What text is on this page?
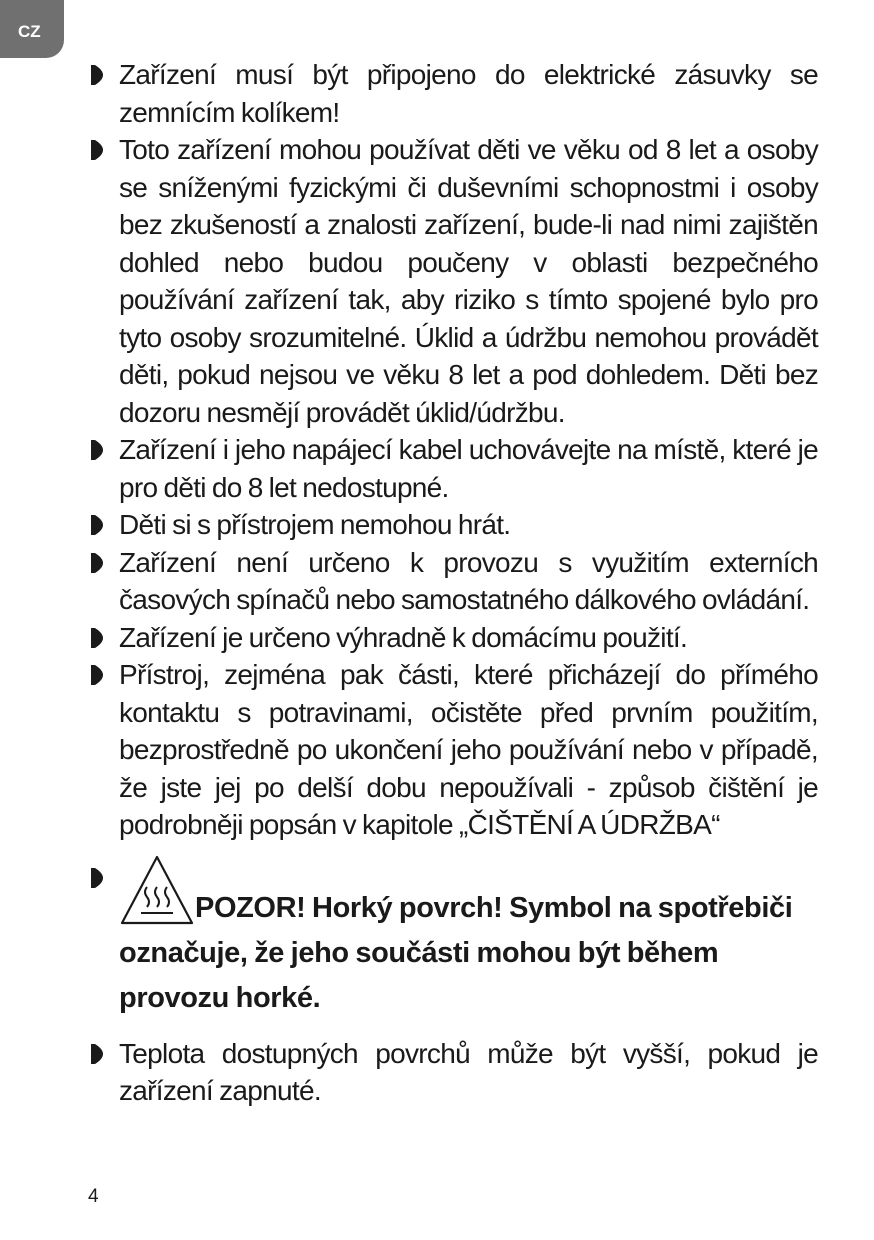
CZ
Zařízení musí být připojeno do elektrické zásuvky se zemnícím kolíkem!
Toto zařízení mohou používat děti ve věku od 8 let a osoby se sníženými fyzickými či duševními schopnostmi i osoby bez zkušeností a znalosti zařízení, bude-li nad nimi zajištěn dohled nebo budou poučeny v oblasti bezpečného používání zařízení tak, aby riziko s tímto spojené bylo pro tyto osoby srozumitelné. Úklid a údržbu nemohou provádět děti, pokud nejsou ve věku 8 let a pod dohledem. Děti bez dozoru nesmějí provádět úklid/údržbu.
Zařízení i jeho napájecí kabel uchovávejte na místě, které je pro děti do 8 let nedostupné.
Děti si s přístrojem nemohou hrát.
Zařízení není určeno k provozu s využitím externích časových spínačů nebo samostatného dálkového ovládání.
Zařízení je určeno výhradně k domácímu použití.
Přístroj, zejména pak části, které přicházejí do přímého kontaktu s potravinami, očistěte před prvním použitím, bezprostředně po ukončení jeho používání nebo v případě, že jste jej po delší dobu nepoužívali - způsob čištění je podrobněji popsán v kapitole „ČIŠTĚNÍ A ÚDRŽBA“
POZOR! Horký povrch! Symbol na spotřebiči označuje, že jeho součásti mohou být během provozu horké.
Teplota dostupných povrchů může být vyšší, pokud je zařízení zapnuté.
4
